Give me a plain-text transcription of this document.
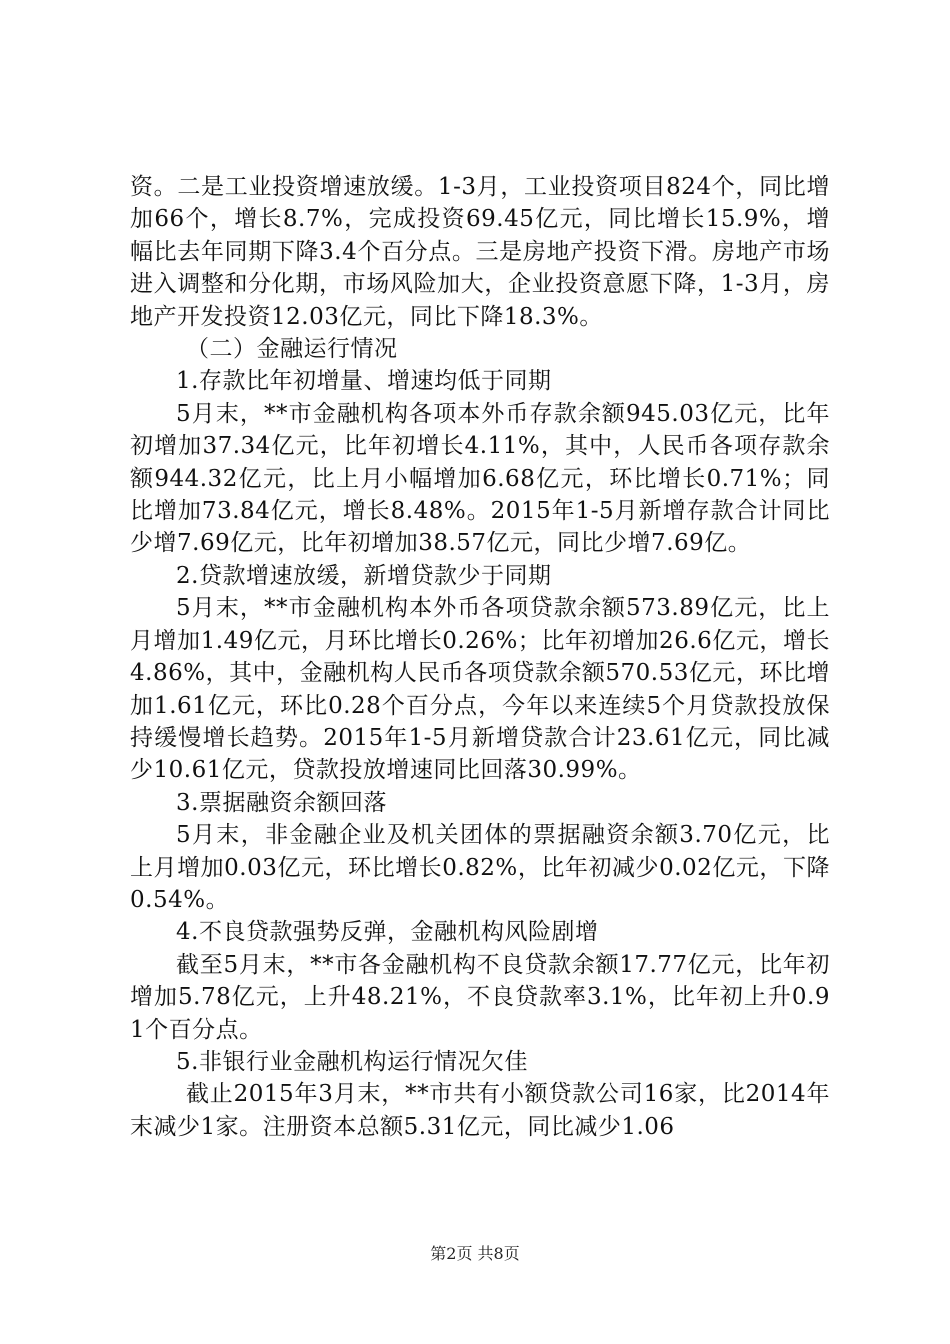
资。二是工业投资增速放缓。1-3月，工业投资项目824个，同比增加66个，增长8.7%，完成投资69.45亿元，同比增长15.9%，增幅比去年同期下降3.4个百分点。三是房地产投资下滑。房地产市场进入调整和分化期，市场风险加大，企业投资意愿下降，1-3月，房地产开发投资12.03亿元，同比下降18.3%。

（二）金融运行情况

1.存款比年初增量、增速均低于同期

5月末，**市金融机构各项本外币存款余额945.03亿元，比年初增加37.34亿元，比年初增长4.11%，其中，人民币各项存款余额944.32亿元，比上月小幅增加6.68亿元，环比增长0.71%；同比增加73.84亿元，增长8.48%。2015年1-5月新增存款合计同比少增7.69亿元，比年初增加38.57亿元，同比少增7.69亿。

2.贷款增速放缓，新增贷款少于同期

5月末，**市金融机构本外币各项贷款余额573.89亿元，比上月增加1.49亿元，月环比增长0.26%；比年初增加26.6亿元，增长4.86%，其中，金融机构人民币各项贷款余额570.53亿元，环比增加1.61亿元，环比0.28个百分点，今年以来连续5个月贷款投放保持缓慢增长趋势。2015年1-5月新增贷款合计23.61亿元，同比减少10.61亿元，贷款投放增速同比回落30.99%。

3.票据融资余额回落

5月末，非金融企业及机关团体的票据融资余额3.70亿元，比上月增加0.03亿元，环比增长0.82%，比年初减少0.02亿元，下降0.54%。

4.不良贷款强势反弹，金融机构风险剧增

截至5月末，**市各金融机构不良贷款余额17.77亿元，比年初增加5.78亿元，上升48.21%，不良贷款率3.1%，比年初上升0.91个百分点。

5.非银行业金融机构运行情况欠佳

截止2015年3月末，**市共有小额贷款公司16家，比2014年末减少1家。注册资本总额5.31亿元，同比减少1.06

第2页 共8页
